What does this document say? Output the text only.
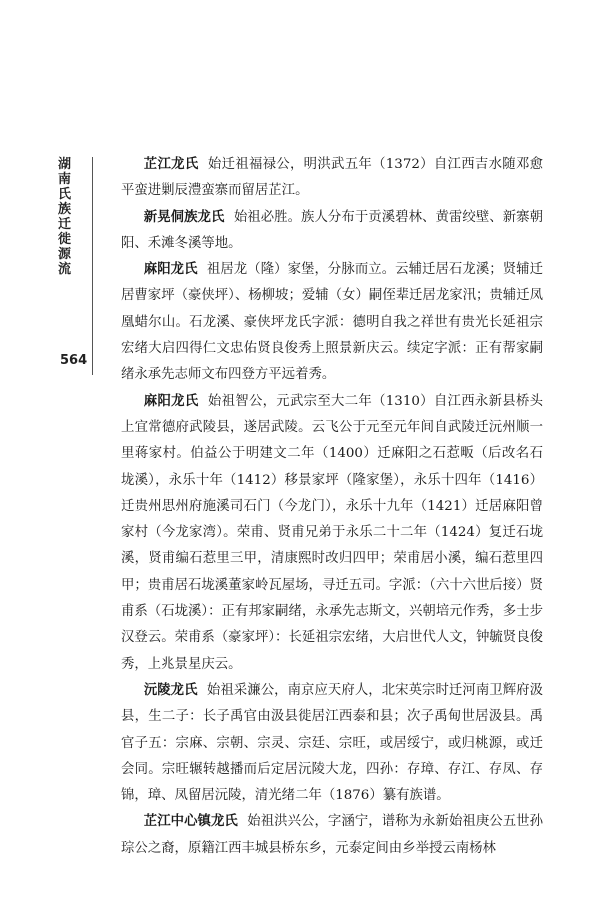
湖南氏族迁徙源流
564

芷江龙氏 始迁祖福禄公，明洪武五年（1372）自江西吉水随邓愈平蛮进剿辰澧蛮寨而留居芷江。

新晃侗族龙氏 始祖必胜。族人分布于贡溪碧林、黄雷绞壁、新寨朝阳、禾滩冬溪等地。

麻阳龙氏 祖居龙（隆）家堡，分脉而立。云辅迁居石龙溪；贤辅迁居曹家坪（豪侠坪）、杨柳坡；爱辅（女）嗣侄辈迁居龙家汛；贵辅迁凤凰蜡尔山。石龙溪、豪侠坪龙氏字派：德明自我之祥世有贵光长延祖宗宏绪大启四得仁文忠佑贤良俊秀上照景新庆云。续定字派：正有帮家嗣绪永承先志师文布四登方平远着秀。

麻阳龙氏 始祖智公，元武宗至大二年（1310）自江西永新县桥头上宜常德府武陵县，遂居武陵。云飞公于元至元年间自武陵迁沅州顺一里蒋家村。伯益公于明建文二年（1400）迁麻阳之石惹畈（后改名石垅溪），永乐十年（1412）移景家坪（隆家堡），永乐十四年（1416）迁贵州思州府施溪司石门（今龙门），永乐十九年（1421）迁居麻阳曾家村（今龙家湾）。荣甫、贤甫兄弟于永乐二十二年（1424）复迁石垅溪，贤甫编石惹里三甲，清康熙时改归四甲；荣甫居小溪，编石惹里四甲；贵甫居石垅溪董家岭瓦屋场，寻迁五司。字派：（六十六世后接）贤甫系（石垅溪）：正有邦家嗣绪，永承先志斯文，兴朝培元作秀，多士步汉登云。荣甫系（豪家坪）：长延祖宗宏绪，大启世代人文，钟毓贤良俊秀，上兆景星庆云。

沅陵龙氏 始祖采濂公，南京应天府人，北宋英宗时迁河南卫辉府汲县，生二子：长子禹官由汲县徙居江西泰和县；次子禹甸世居汲县。禹官子五：宗麻、宗朝、宗灵、宗廷、宗旺，或居绥宁，或归桃源，或迁会同。宗旺辗转越播而后定居沅陵大龙，四孙：存璋、存江、存凤、存锦，璋、凤留居沅陵，清光绪二年（1876）纂有族谱。

芷江中心镇龙氏 始祖洪兴公，字涵宁，谱称为永新始祖庚公五世孙琮公之裔，原籍江西丰城县桥东乡，元泰定间由乡举授云南杨林
